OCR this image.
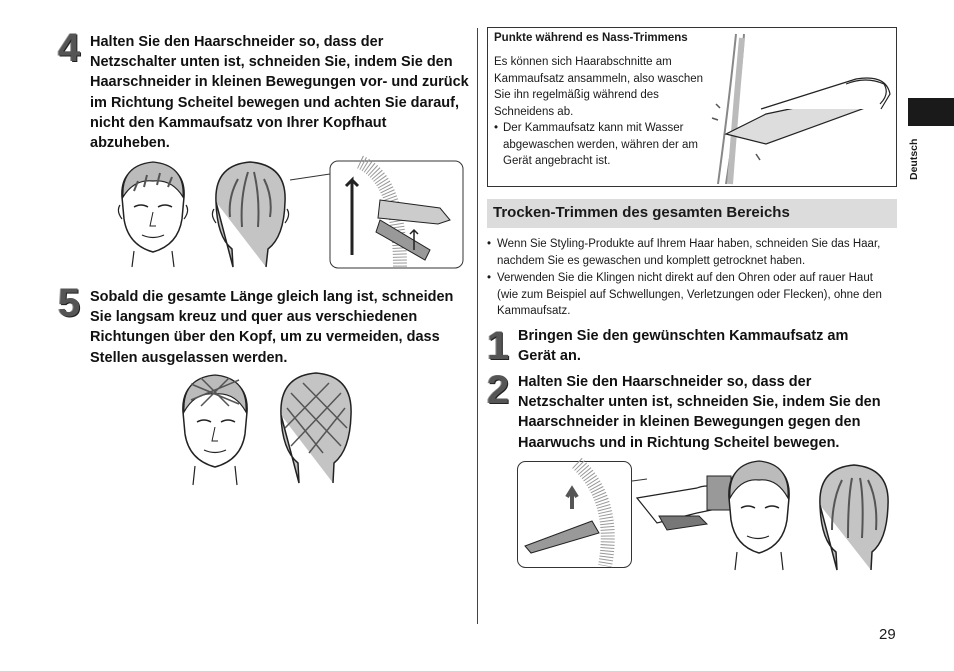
4 Halten Sie den Haarschneider so, dass der Netzschalter unten ist, schneiden Sie, indem Sie den Haarschneider in kleinen Bewegungen vor- und zurück im Richtung Scheitel bewegen und achten Sie darauf, nicht den Kammaufsatz von Ihrer Kopfhaut abzuheben.
5 Sobald die gesamte Länge gleich lang ist, schneiden Sie langsam kreuz und quer aus verschiedenen Richtungen über den Kopf, um zu vermeiden, dass Stellen ausgelassen werden.
Punkte während es Nass-Trimmens
Es können sich Haarabschnitte am Kammaufsatz ansammeln, also waschen Sie ihn regelmäßig während des Schneidens ab.
• Der Kammaufsatz kann mit Wasser abgewaschen werden, währen der am Gerät angebracht ist.
Trocken-Trimmen des gesamten Bereichs
• Wenn Sie Styling-Produkte auf Ihrem Haar haben, schneiden Sie das Haar, nachdem Sie es gewaschen und komplett getrocknet haben.
• Verwenden Sie die Klingen nicht direkt auf den Ohren oder auf rauer Haut (wie zum Beispiel auf Schwellungen, Verletzungen oder Flecken), ohne den Kammaufsatz.
1 Bringen Sie den gewünschten Kammaufsatz am Gerät an.
2 Halten Sie den Haarschneider so, dass der Netzschalter unten ist, schneiden Sie, indem Sie den Haarschneider in kleinen Bewegungen gegen den Haarwuchs und in Richtung Scheitel bewegen.
Deutsch
29
